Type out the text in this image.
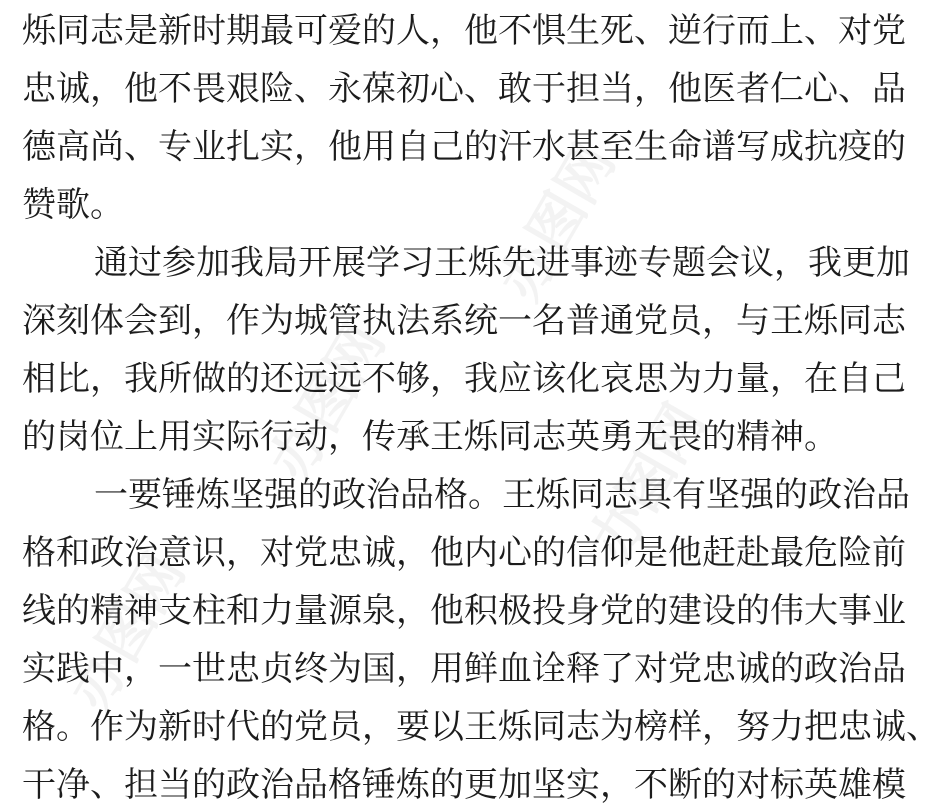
办图网
办图网
办图网
办图网
烁同志是新时期最可爱的人，他不惧生死、逆行而上、对党
忠诚，他不畏艰险、永葆初心、敢于担当，他医者仁心、品
德高尚、专业扎实，他用自己的汗水甚至生命谱写成抗疫的
赞歌。
通过参加我局开展学习王烁先进事迹专题会议，我更加
深刻体会到，作为城管执法系统一名普通党员，与王烁同志
相比，我所做的还远远不够，我应该化哀思为力量，在自己
的岗位上用实际行动，传承王烁同志英勇无畏的精神。
一要锤炼坚强的政治品格。王烁同志具有坚强的政治品
格和政治意识，对党忠诚，他内心的信仰是他赶赴最危险前
线的精神支柱和力量源泉，他积极投身党的建设的伟大事业
实践中，一世忠贞终为国，用鲜血诠释了对党忠诚的政治品
格。作为新时代的党员，要以王烁同志为榜样，努力把忠诚、
干净、担当的政治品格锤炼的更加坚实，不断的对标英雄模
